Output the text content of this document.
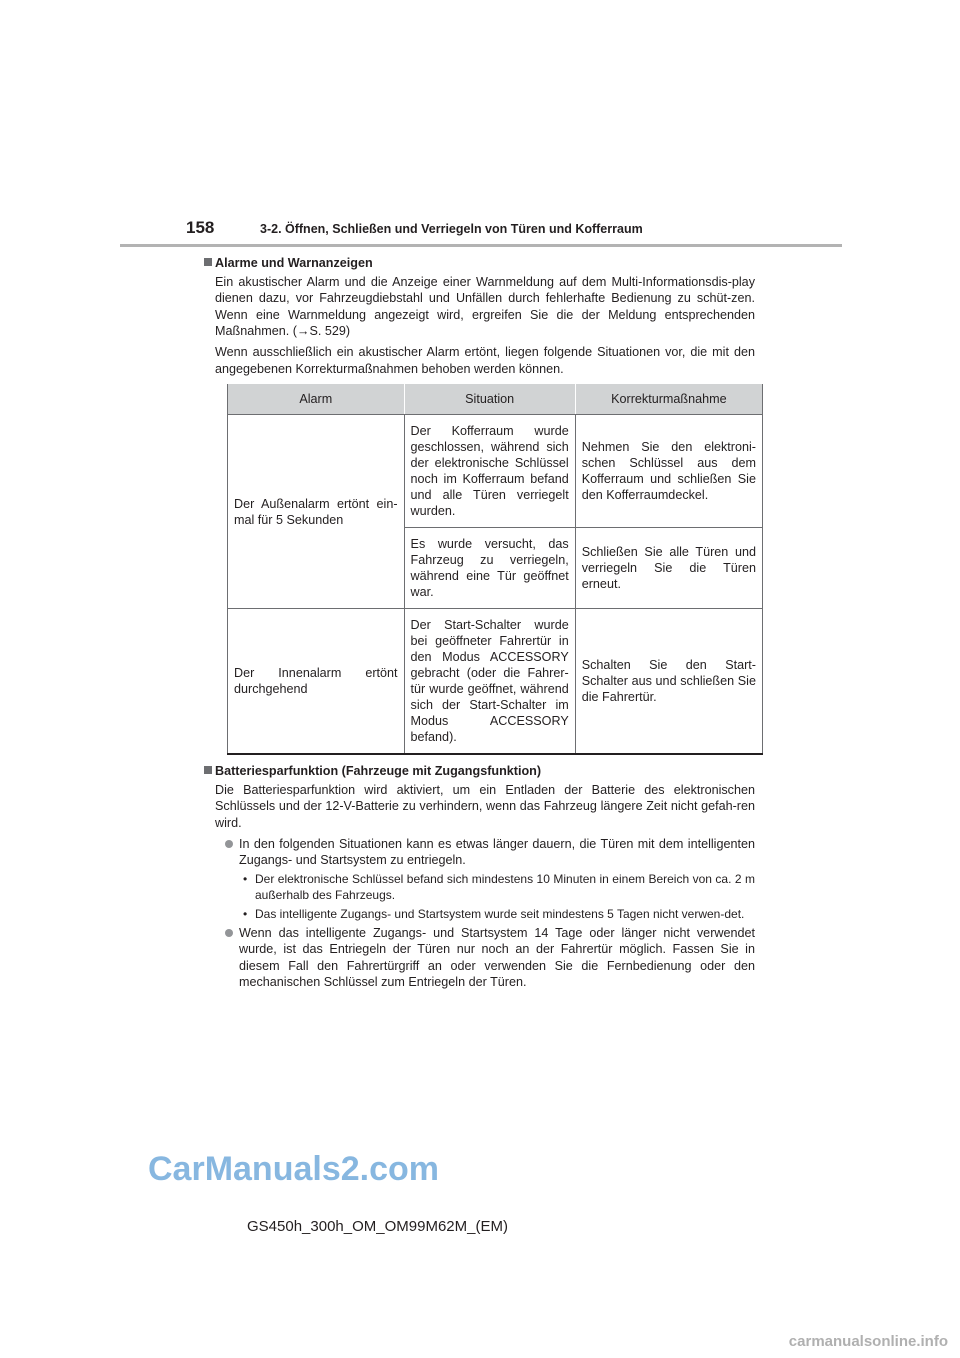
158	3-2. Öffnen, Schließen und Verriegeln von Türen und Kofferraum
Alarme und Warnanzeigen

Ein akustischer Alarm und die Anzeige einer Warnmeldung auf dem Multi-Informationsdis-play dienen dazu, vor Fahrzeugdiebstahl und Unfällen durch fehlerhafte Bedienung zu schüt-zen. Wenn eine Warnmeldung angezeigt wird, ergreifen Sie die der Meldung entsprechenden Maßnahmen. (→S. 529)

Wenn ausschließlich ein akustischer Alarm ertönt, liegen folgende Situationen vor, die mit den angegebenen Korrekturmaßnahmen behoben werden können.

Alarm	Situation	Korrekturmaßnahme
Der Außenalarm ertönt ein-mal für 5 Sekunden	Der Kofferraum wurde geschlossen, während sich der elektronische Schlüssel noch im Kofferraum befand und alle Türen verriegelt wurden.	Nehmen Sie den elektroni-schen Schlüssel aus dem Kofferraum und schließen Sie den Kofferraumdeckel.
	Es wurde versucht, das Fahrzeug zu verriegeln, während eine Tür geöffnet war.	Schließen Sie alle Türen und verriegeln Sie die Türen erneut.
Der Innenalarm ertönt durchgehend	Der Start-Schalter wurde bei geöffneter Fahrertür in den Modus ACCESSORY gebracht (oder die Fahrer-tür wurde geöffnet, während sich der Start-Schalter im Modus ACCESSORY befand).	Schalten Sie den Start-Schalter aus und schließen Sie die Fahrertür.
Batteriesparfunktion (Fahrzeuge mit Zugangsfunktion)

Die Batteriesparfunktion wird aktiviert, um ein Entladen der Batterie des elektronischen Schlüssels und der 12-V-Batterie zu verhindern, wenn das Fahrzeug längere Zeit nicht gefah-ren wird.

In den folgenden Situationen kann es etwas länger dauern, die Türen mit dem intelligenten Zugangs- und Startsystem zu entriegeln.
• Der elektronische Schlüssel befand sich mindestens 10 Minuten in einem Bereich von ca. 2 m außerhalb des Fahrzeugs.
• Das intelligente Zugangs- und Startsystem wurde seit mindestens 5 Tagen nicht verwen-det.
Wenn das intelligente Zugangs- und Startsystem 14 Tage oder länger nicht verwendet wurde, ist das Entriegeln der Türen nur noch an der Fahrertür möglich. Fassen Sie in diesem Fall den Fahrertürgriff an oder verwenden Sie die Fernbedienung oder den mechanischen Schlüssel zum Entriegeln der Türen.
CarManuals2.com
GS450h_300h_OM_OM99M62M_(EM)
carmanualsonline.info
